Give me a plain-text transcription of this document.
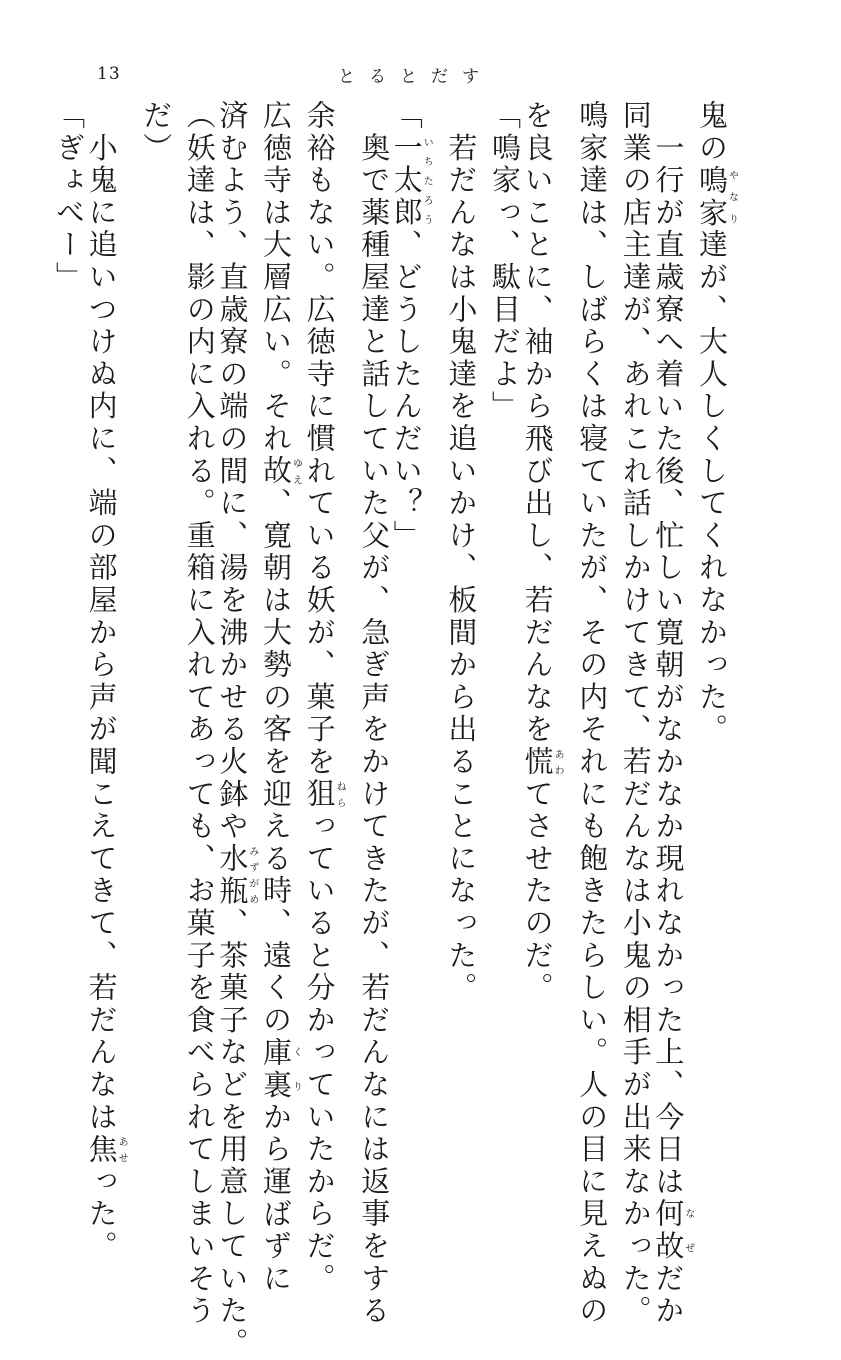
13	とるとだす
鬼の鳴家やなり達が、大人しくしてくれなかった。
　一行が直歳寮へ着いた後、忙しい寛朝がなかなか現れなかった上、今日は何故なぜだか
同業の店主達が、あれこれ話しかけてきて、若だんなは小鬼の相手が出来なかった。
鳴家達は、しばらくは寝ていたが、その内それにも飽きたらしい。人の目に見えぬの
を良いことに、袖から飛び出し、若だんなを慌あわてさせたのだ。
「鳴家っ、駄目だよ」
　若だんなは小鬼達を追いかけ、板間から出ることになった。
「一太郎いちたろう、どうしたんだい？」
　奥で薬種屋達と話していた父が、急ぎ声をかけてきたが、若だんなには返事をする
余裕もない。広徳寺に慣れている妖が、菓子を狙ねらっていると分かっていたからだ。
広徳寺は大層広い。それ故ゆえ、寛朝は大勢の客を迎える時、遠くの庫裏くりから運ばずに
済むよう、直歳寮の端の間に、湯を沸かせる火鉢や水瓶みずがめ、茶菓子などを用意していた。
（妖達は、影の内に入れる。重箱に入れてあっても、お菓子を食べられてしまいそう
だ）
　小鬼に追いつけぬ内に、端の部屋から声が聞こえてきて、若だんなは焦あせった。
「ぎょべー」
